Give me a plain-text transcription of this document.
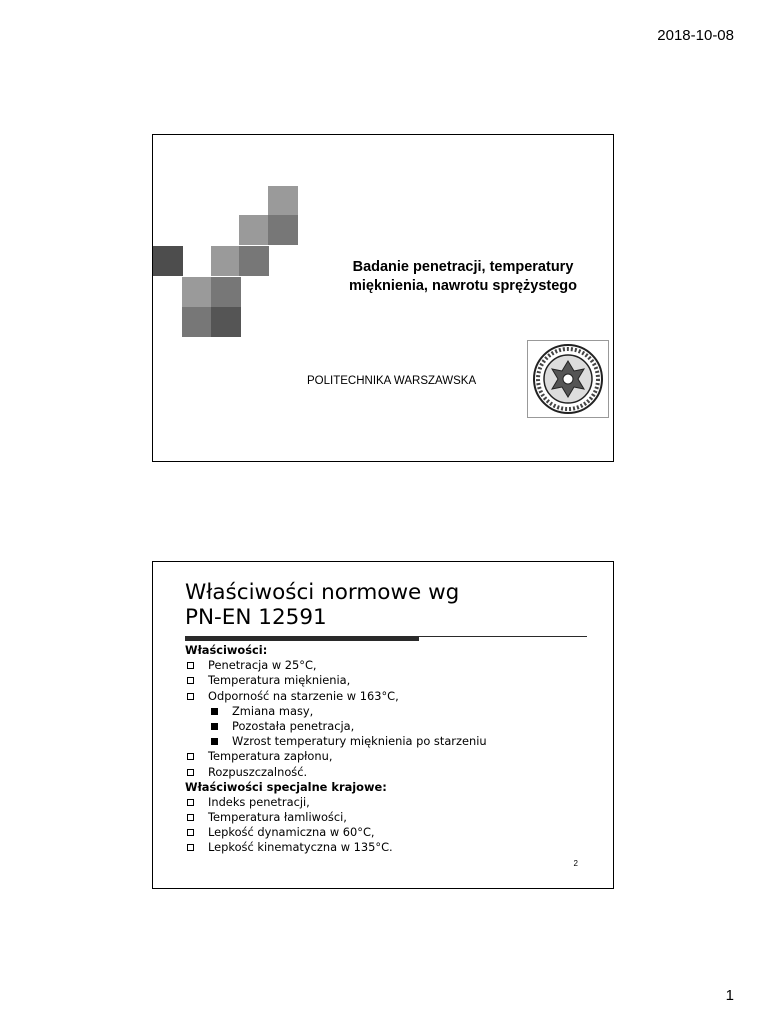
2018-10-08
Badanie penetracji, temperatury
mięknienia, nawrotu sprężystego
POLITECHNIKA WARSZAWSKA
Właściwości normowe wg
PN-EN 12591
Właściwości:
Penetracja w 25°C,
Temperatura mięknienia,
Odporność na starzenie w 163°C,
Zmiana masy,
Pozostała penetracja,
Wzrost temperatury mięknienia po starzeniu
Temperatura zapłonu,
Rozpuszczalność.
Właściwości specjalne krajowe:
Indeks penetracji,
Temperatura łamliwości,
Lepkość dynamiczna w 60°C,
Lepkość kinematyczna w 135°C.
2
1
